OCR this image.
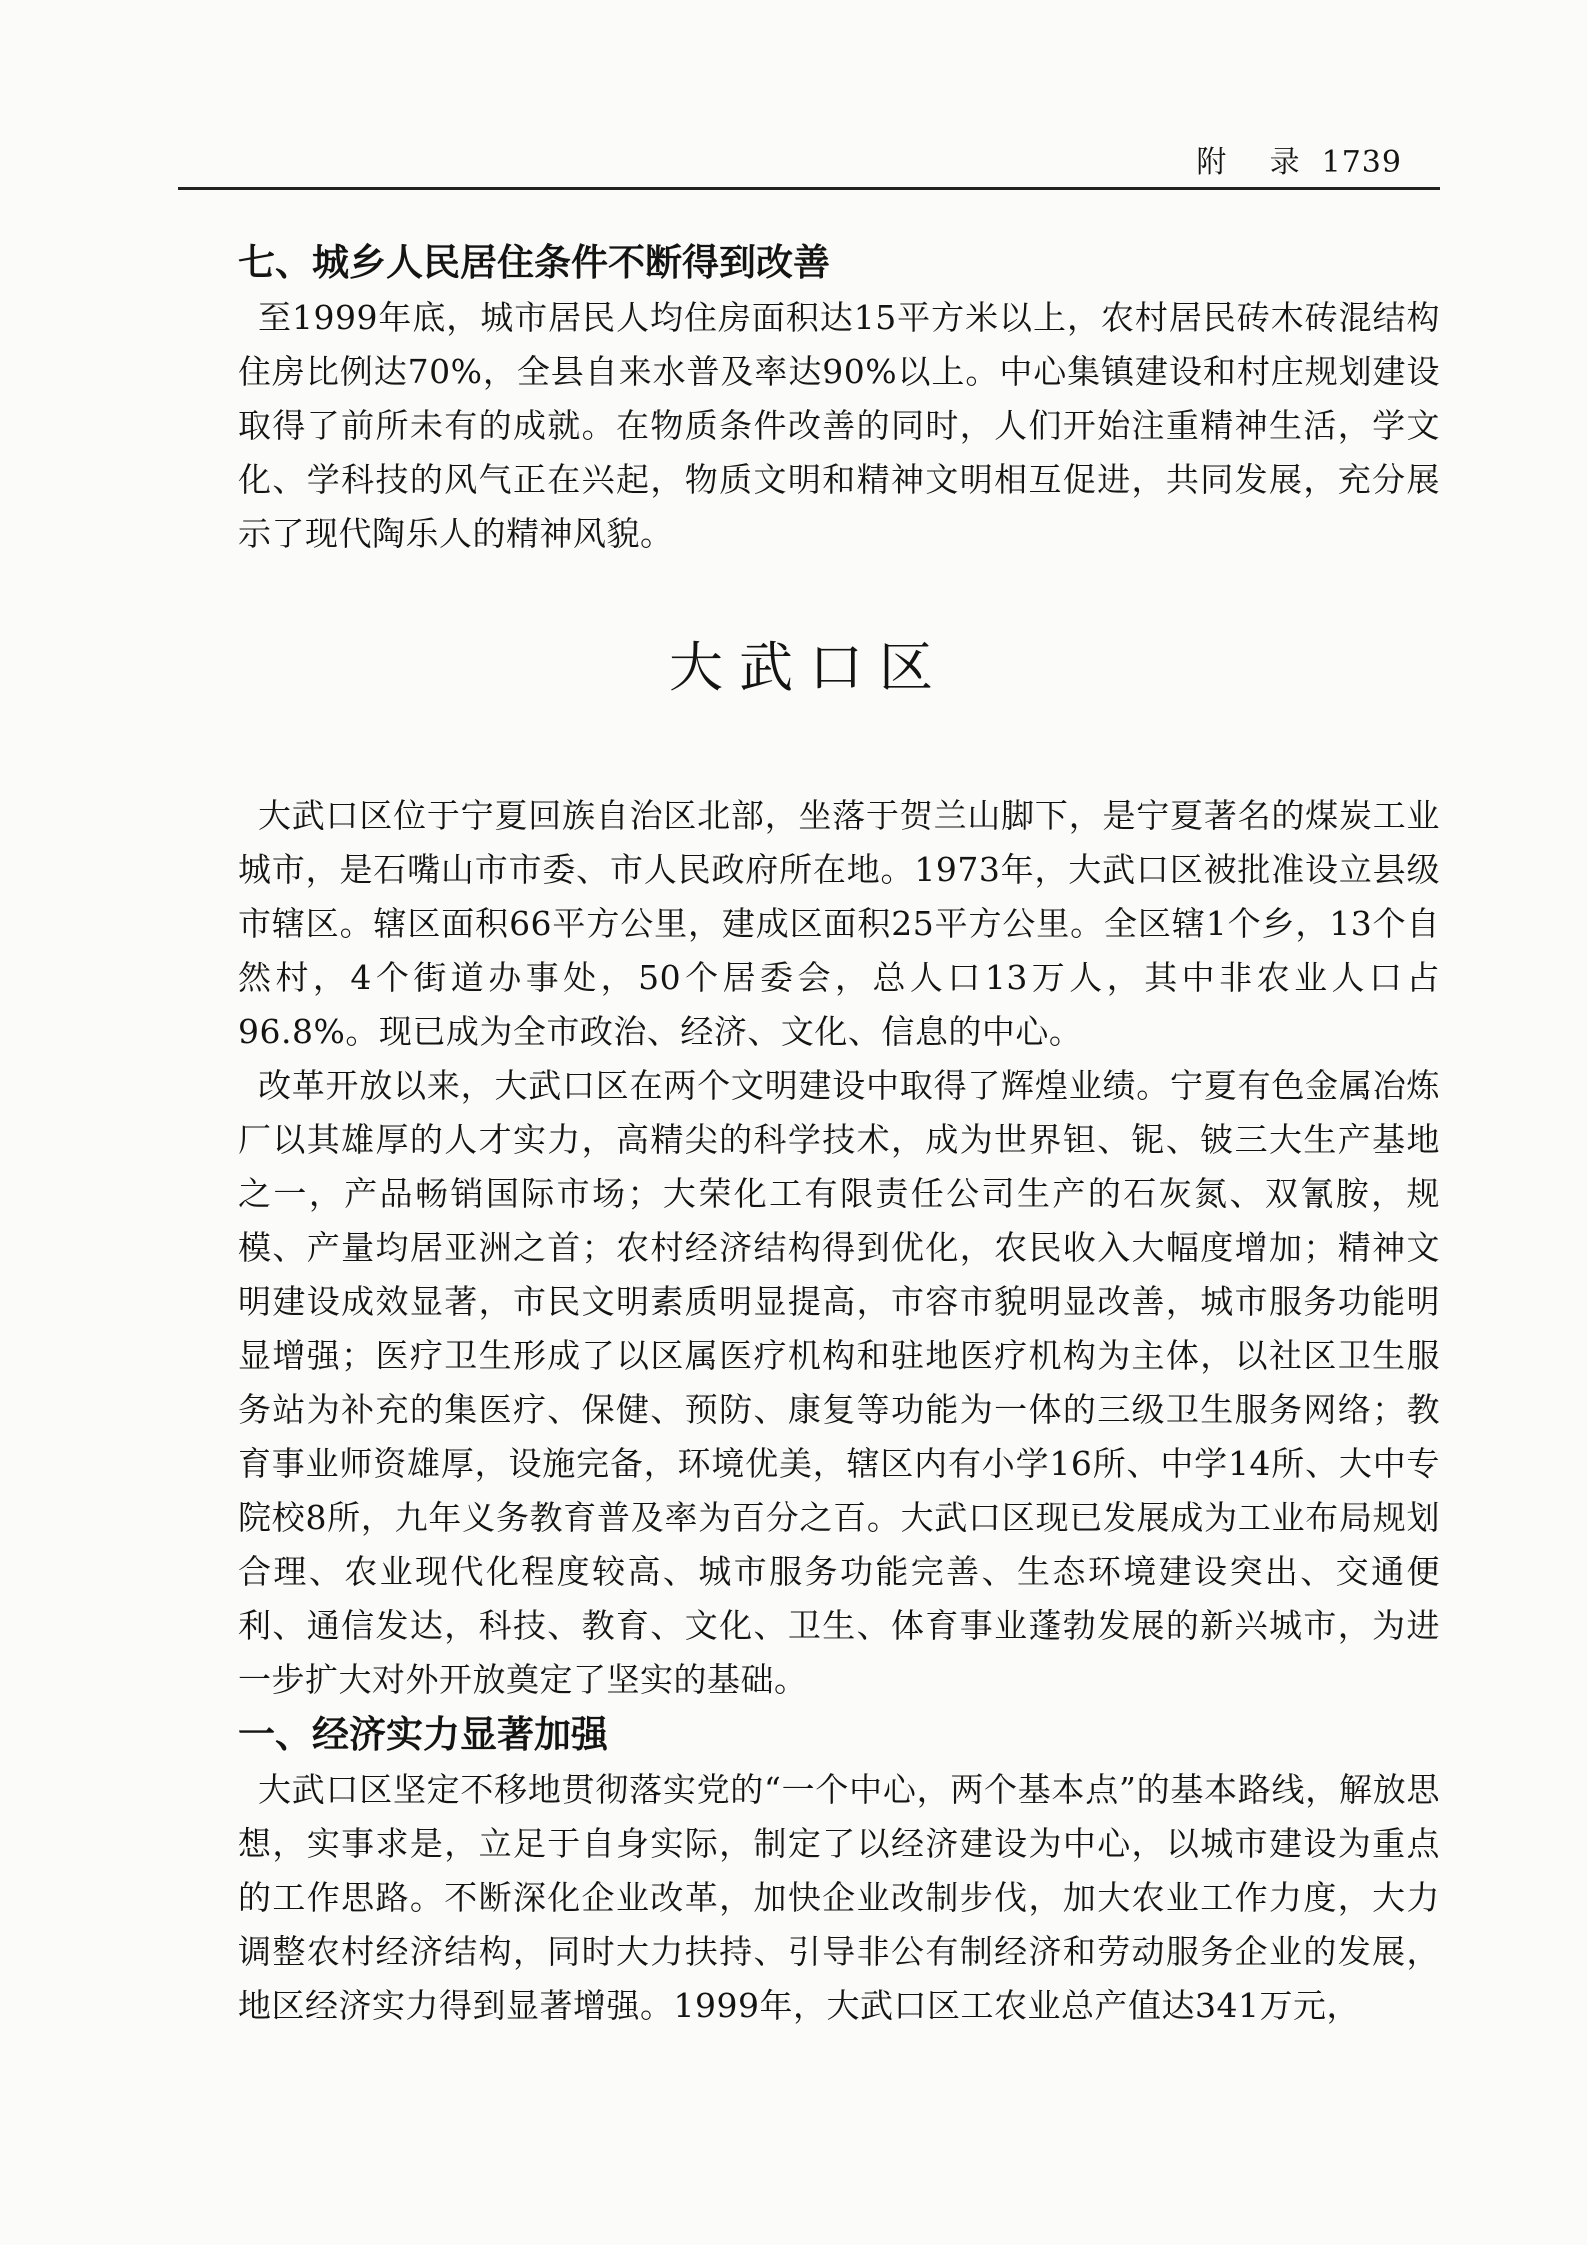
附    录  1739
七、城乡人民居住条件不断得到改善

至1999年底，城市居民人均住房面积达15平方米以上，农村居民砖木砖混结构住房比例达70%，全县自来水普及率达90%以上。中心集镇建设和村庄规划建设取得了前所未有的成就。在物质条件改善的同时，人们开始注重精神生活，学文化、学科技的风气正在兴起，物质文明和精神文明相互促进，共同发展，充分展示了现代陶乐人的精神风貌。

大武口区

大武口区位于宁夏回族自治区北部，坐落于贺兰山脚下，是宁夏著名的煤炭工业城市，是石嘴山市市委、市人民政府所在地。1973年，大武口区被批准设立县级市辖区。辖区面积66平方公里，建成区面积25平方公里。全区辖1个乡，13个自然村，4个街道办事处，50个居委会，总人口13万人，其中非农业人口占96.8%。现已成为全市政治、经济、文化、信息的中心。

改革开放以来，大武口区在两个文明建设中取得了辉煌业绩。宁夏有色金属冶炼厂以其雄厚的人才实力，高精尖的科学技术，成为世界钽、铌、铍三大生产基地之一，产品畅销国际市场；大荣化工有限责任公司生产的石灰氮、双氰胺，规模、产量均居亚洲之首；农村经济结构得到优化，农民收入大幅度增加；精神文明建设成效显著，市民文明素质明显提高，市容市貌明显改善，城市服务功能明显增强；医疗卫生形成了以区属医疗机构和驻地医疗机构为主体，以社区卫生服务站为补充的集医疗、保健、预防、康复等功能为一体的三级卫生服务网络；教育事业师资雄厚，设施完备，环境优美，辖区内有小学16所、中学14所、大中专院校8所，九年义务教育普及率为百分之百。大武口区现已发展成为工业布局规划合理、农业现代化程度较高、城市服务功能完善、生态环境建设突出、交通便利、通信发达，科技、教育、文化、卫生、体育事业蓬勃发展的新兴城市，为进一步扩大对外开放奠定了坚实的基础。

一、经济实力显著加强

大武口区坚定不移地贯彻落实党的“一个中心，两个基本点”的基本路线，解放思想，实事求是，立足于自身实际，制定了以经济建设为中心，以城市建设为重点的工作思路。不断深化企业改革，加快企业改制步伐，加大农业工作力度，大力调整农村经济结构，同时大力扶持、引导非公有制经济和劳动服务企业的发展，地区经济实力得到显著增强。1999年，大武口区工农业总产值达341万元，
